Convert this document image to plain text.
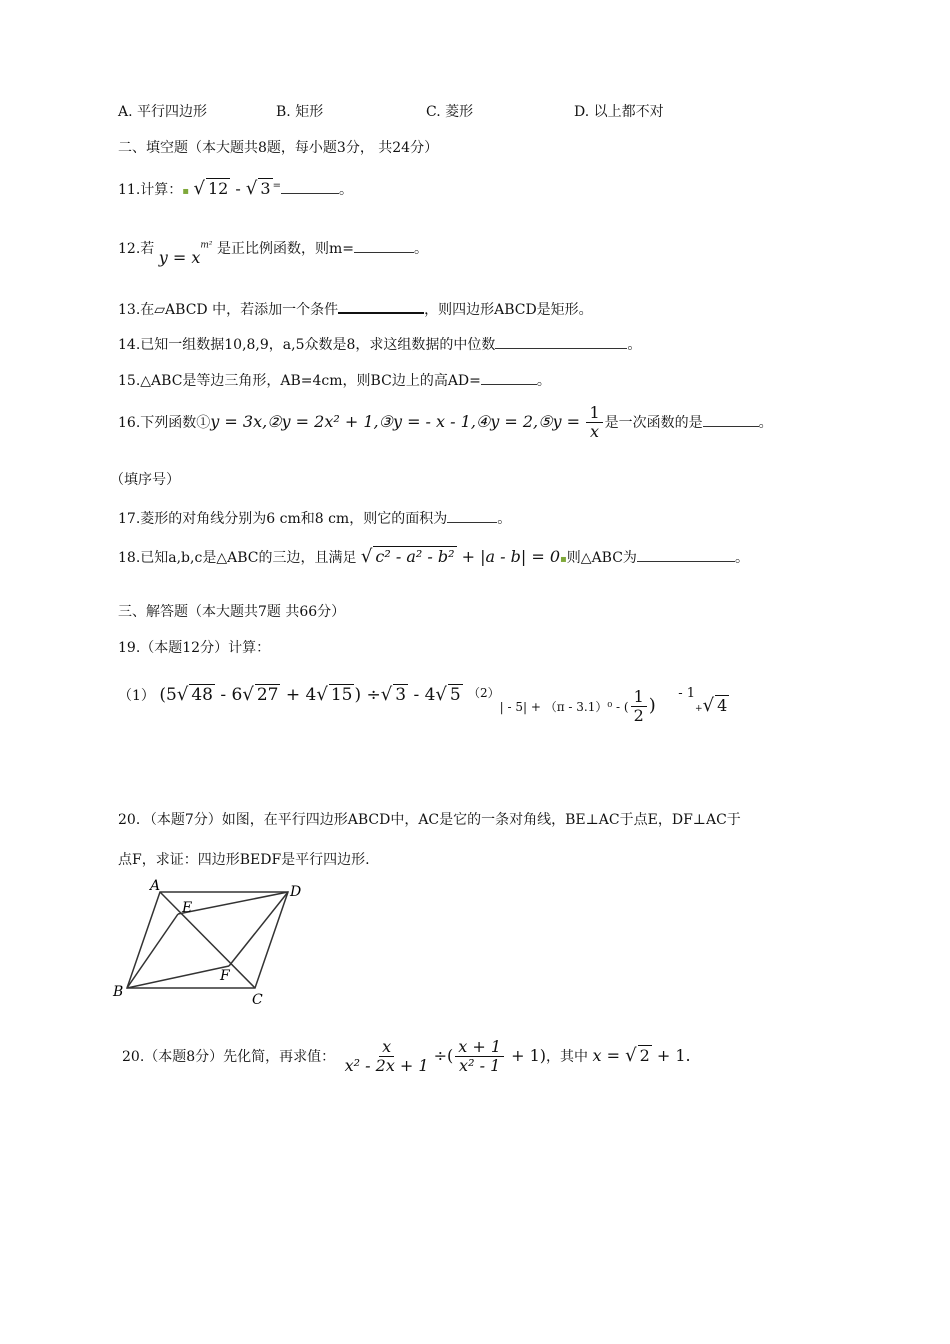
A. 平行四边形	B. 矩形	C. 菱形	D. 以上都不对
二、填空题（本大题共8题，每小题3分， 共24分）
11.计算：▪ √ 12 - √ 3 =	。
12.若 $y = x^{m^2}$ 是正比例函数，则m=	。
13.在▱ABCD 中，若添加一个条件	，则四边形ABCD是矩形。
14.已知一组数据10,8,9，a,5众数是8，求这组数据的中位数	。
15.△ABC是等边三角形，AB=4cm，则BC边上的高AD=	。
16.下列函数①y = 3x,②y = 2x² + 1,③y = - x - 1,④y = 2,⑤y = $\frac{1}{x}$ 是一次函数的是	。
（填序号）
17.菱形的对角线分别为6 cm和8 cm，则它的面积为	。
18.已知a,b,c是△ABC的三边，且满足 √ c² - a² - b² + |a - b| = 0▪则△ABC为	。
三、解答题（本大题共7题 共66分）
19.（本题12分）计算：
（1） (5√ 48 - 6√ 27 + 4√ 15 ) ÷√ 3 - 4√ 5 （2）| - 5| + （π - 3.1）⁰ - ( $\frac{1}{2}$ ) - $1_+√$ 4
20．（本题7分）如图，在平行四边形ABCD中，AC是它的一条对角线，BE⊥AC于点E，DF⊥AC于
点F，求证：四边形BEDF是平行四边形.
A	D
E
F
B	C
20.（本题8分）先化简，再求值： $\frac{x}{\text{x² - 2x + 1}}$ ÷( $\frac{x + 1}{\text{x² - 1}} + 1$)，其中 x = √ 2 + 1.
